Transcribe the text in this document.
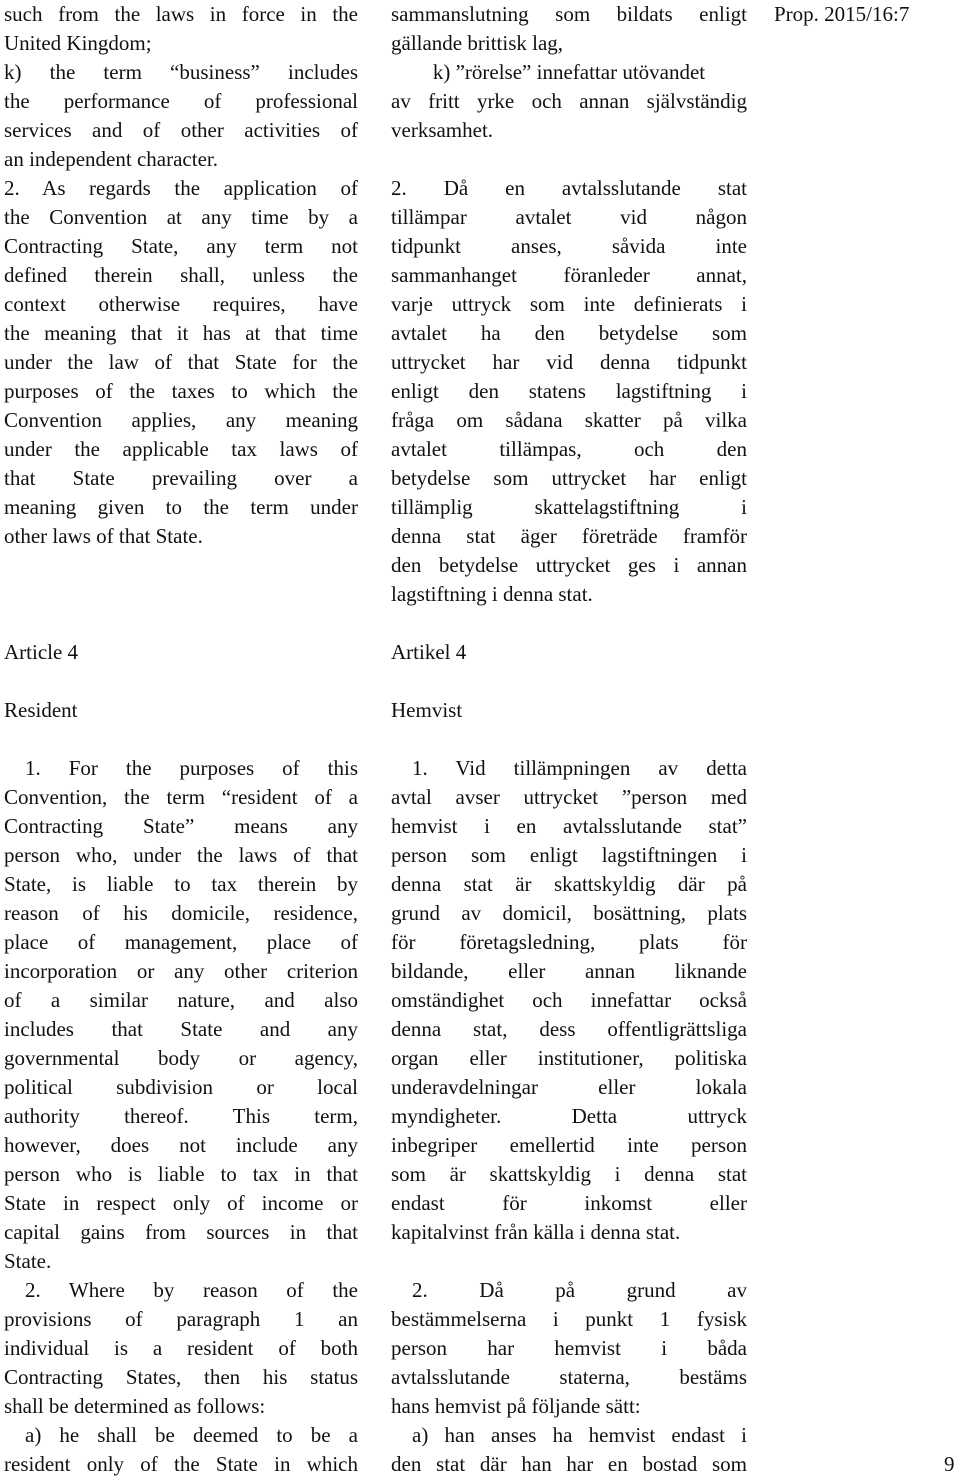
Prop. 2015/16:7
such from the laws in force in the
United Kingdom;
k) the term “business” includes
the performance of professional
services and of other activities of
an independent character.
2. As regards the application of
the Convention at any time by a
Contracting State, any term not
defined therein shall, unless the
context otherwise requires, have
the meaning that it has at that time
under the law of that State for the
purposes of the taxes to which the
Convention applies, any meaning
under the applicable tax laws of
that State prevailing over a
meaning given to the term under
other laws of that State.
Article 4
Resident
1. For the purposes of this
Convention, the term “resident of a
Contracting State” means any
person who, under the laws of that
State, is liable to tax therein by
reason of his domicile, residence,
place of management, place of
incorporation or any other criterion
of a similar nature, and also
includes that State and any
governmental body or agency,
political subdivision or local
authority thereof. This term,
however, does not include any
person who is liable to tax in that
State in respect only of income or
capital gains from sources in that
State.
2. Where by reason of the
provisions of paragraph 1 an
individual is a resident of both
Contracting States, then his status
shall be determined as follows:
a) he shall be deemed to be a
resident only of the State in which
sammanslutning som bildats enligt
gällande brittisk lag,
k) ”rörelse” innefattar utövandet
av fritt yrke och annan självständig
verksamhet.
2. Då en avtalsslutande stat
tillämpar avtalet vid någon
tidpunkt anses, såvida inte
sammanhanget föranleder annat,
varje uttryck som inte definierats i
avtalet ha den betydelse som
uttrycket har vid denna tidpunkt
enligt den statens lagstiftning i
fråga om sådana skatter på vilka
avtalet tillämpas, och den
betydelse som uttrycket har enligt
tillämplig skattelagstiftning i
denna stat äger företräde framför
den betydelse uttrycket ges i annan
lagstiftning i denna stat.
Artikel 4
Hemvist
1. Vid tillämpningen av detta
avtal avser uttrycket ”person med
hemvist i en avtalsslutande stat”
person som enligt lagstiftningen i
denna stat är skattskyldig där på
grund av domicil, bosättning, plats
för företagsledning, plats för
bildande, eller annan liknande
omständighet och innefattar också
denna stat, dess offentligrättsliga
organ eller institutioner, politiska
underavdelningar eller lokala
myndigheter. Detta uttryck
inbegriper emellertid inte person
som är skattskyldig i denna stat
endast för inkomst eller
kapitalvinst från källa i denna stat.
2. Då på grund av
bestämmelserna i punkt 1 fysisk
person har hemvist i båda
avtalsslutande staterna, bestäms
hans hemvist på följande sätt:
a) han anses ha hemvist endast i
den stat där han har en bostad som	9
